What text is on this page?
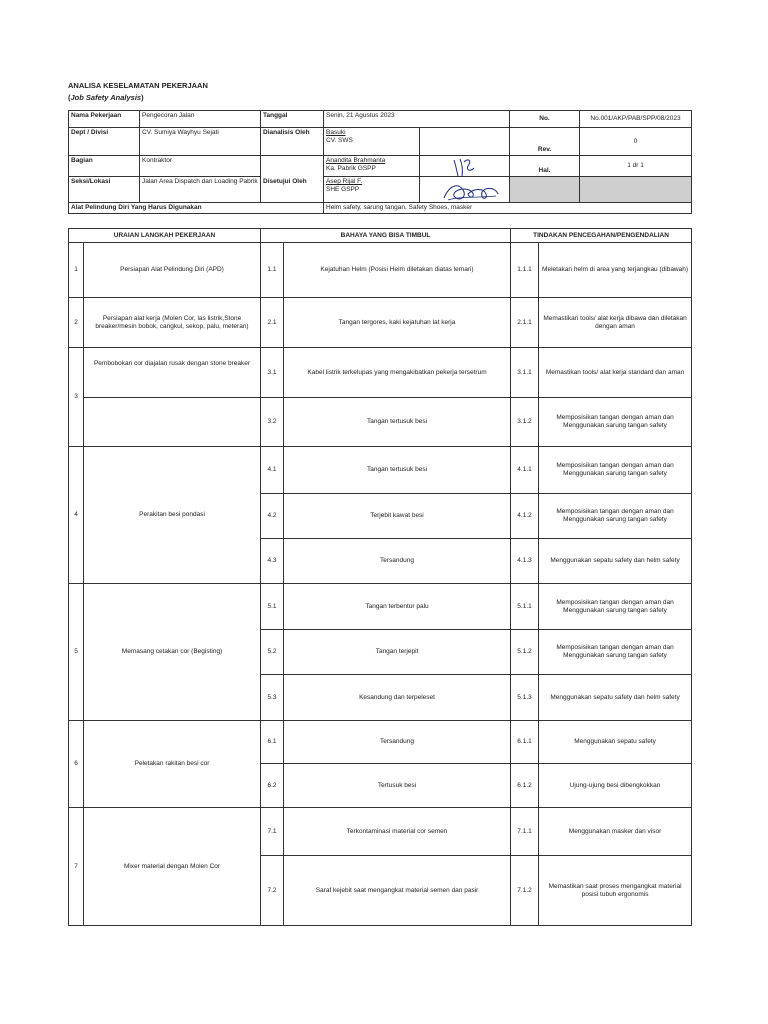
ANALISA KESELAMATAN PEKERJAAN
(Job Safety Analysis)
Nama Pekerjaan	Pengecoran Jalan	Tanggal	Senin, 21 Agustus 2023		No.	No.001/AKP/PAB/SPP/08/2023
Dept / Divisi	CV. Sumiya Wayhyu Sejati	Dianalisis Oleh	Basuki
CV. SWS		Rev.	0
Bagian	Kontraktor		Anandita Brahmanta
Ka. Pabrik GSPP		Hal.	1 dr 1
Seksi/Lokasi	Jalan Area Dispatch dan Loading Pabrik	Disetujui Oleh	Asep Rijal F.
SHE GSPP			

Alat Pelindung Diri Yang Harus Digunakan			Helm safety, sarung tangan, Safety Shoes, masker			
URAIAN LANGKAH PEKERJAAN		BAHAYA YANG BISA TIMBUL		TINDAKAN PENCEGAHAN/PENGENDALIAN	
1	Persiapan Alat Pelindung Diri (APD)	1.1	Kejatuhan Helm (Posisi Helm diletakan diatas lemari)	1.1.1	Meletakan helm di area yang terjangkau (dibawah)
2	Persiapan alat kerja (Molen Cor, las listrik,Stone breaker/mesin bobok, cangkul, sekop, palu, meteran)	2.1	Tangan tergores, kaki kejatuhan lat kerja	2.1.1	Memastikan tools/ alat kerja dibawa dan diletakan dengan aman
3	Pembobokan cor diajalan rusak dengan stone breaker	3.1	Kabel listrik terkelupas yang mengakibatkan pekerja tersetrum	3.1.1	Memastikan tools/ alat kerja standard dan aman
		3.2	Tangan tertusuk besi	3.1.2	Memposisikan tangan dengan aman dan Menggunakan sarung tangan safety
4	Perakitan besi pondasi	4.1	Tangan tertusuk besi	4.1.1	Memposisikan tangan dengan aman dan Menggunakan sarung tangan safety
		4.2	Terjebit kawat besi	4.1.2	Memposisikan tangan dengan aman dan Menggunakan sarung tangan safety
		4.3	Tersandung	4.1.3	Menggunakan sepatu safety dan helm safety
5	Memasang cetakan cor (Begisting)	5.1	Tangan terbentur palu	5.1.1	Memposisikan tangan dengan aman dan Menggunakan sarung tangan safety
		5.2	Tangan terjepit	5.1.2	Memposisikan tangan dengan aman dan Menggunakan sarung tangan safety
		5.3	Kesandung dan terpeleset	5.1.3	Menggunakan sepatu safety dan helm safety
6	Peletakan rakitan besi cor	6.1	Tersandung	6.1.1	Menggunakan sepatu safety
		6.2	Tertusuk besi	6.1.2	Ujung-ujung besi dibengkokkan
7	Mixer material dengan Molen Cor	7.1	Terkontaminasi material cor semen	7.1.1	Menggunakan masker dan visor
		7.2	Saraf kejebit saat mengangkat material semen dan pasir	7.1.2	Memastikan saat proses mengangkat material posisi tubuh ergonomis
